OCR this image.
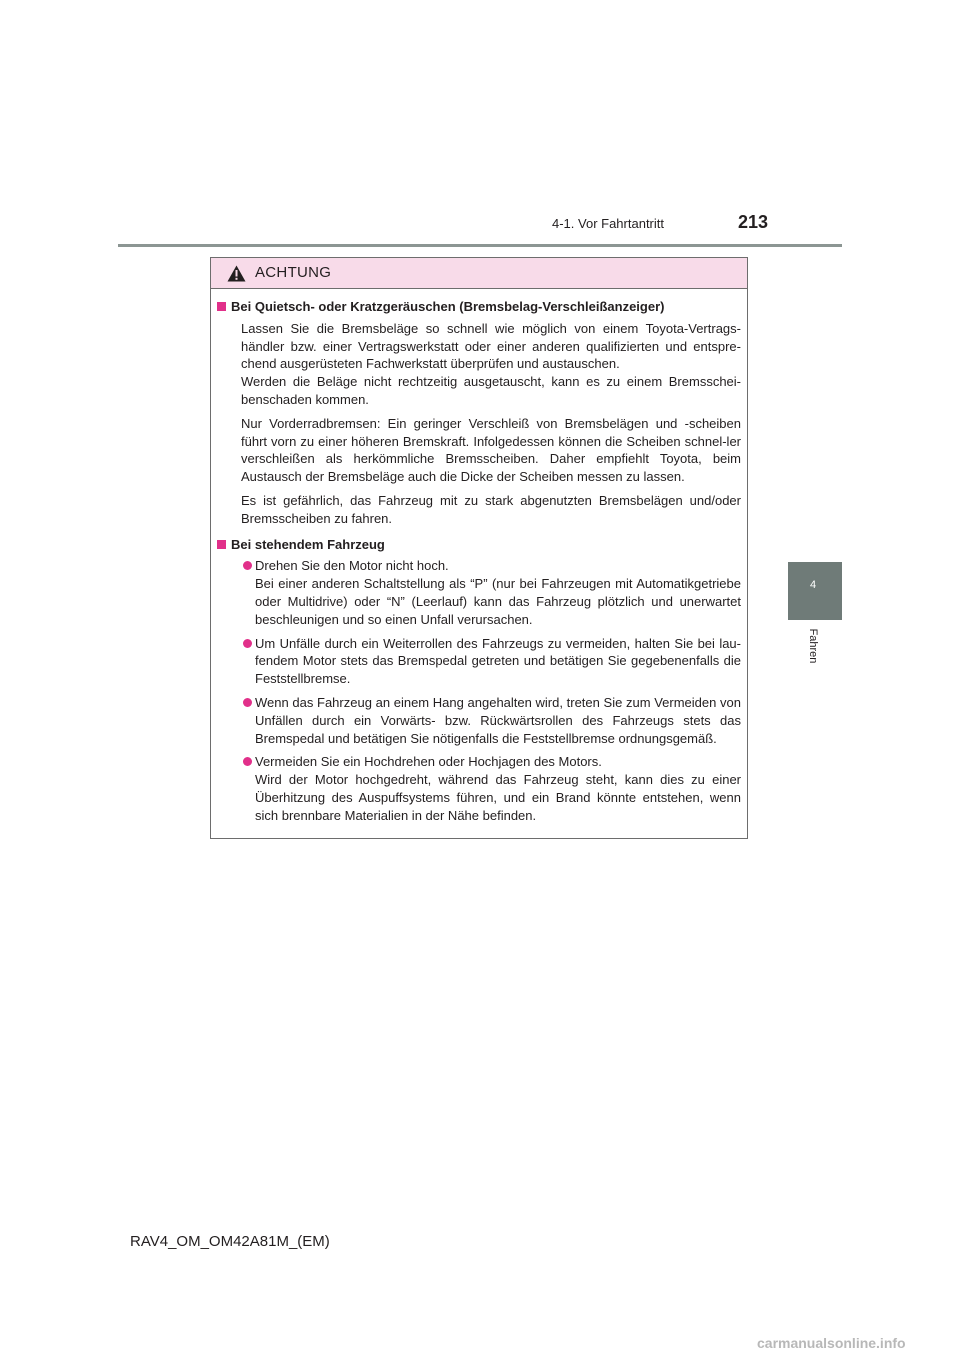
4-1. Vor Fahrtantritt	213
4
Fahren
ACHTUNG
Bei Quietsch- oder Kratzgeräuschen (Bremsbelag-Verschleißanzeiger)

Lassen Sie die Bremsbeläge so schnell wie möglich von einem Toyota-Vertrags-händler bzw. einer Vertragswerkstatt oder einer anderen qualifizierten und entspre-chend ausgerüsteten Fachwerkstatt überprüfen und austauschen.
Werden die Beläge nicht rechtzeitig ausgetauscht, kann es zu einem Bremsschei-benschaden kommen.

Nur Vorderradbremsen: Ein geringer Verschleiß von Bremsbelägen und -scheiben führt vorn zu einer höheren Bremskraft. Infolgedessen können die Scheiben schnel-ler verschleißen als herkömmliche Bremsscheiben. Daher empfiehlt Toyota, beim Austausch der Bremsbeläge auch die Dicke der Scheiben messen zu lassen.

Es ist gefährlich, das Fahrzeug mit zu stark abgenutzten Bremsbelägen und/oder Bremsscheiben zu fahren.

Bei stehendem Fahrzeug

Drehen Sie den Motor nicht hoch.
Bei einer anderen Schaltstellung als “P” (nur bei Fahrzeugen mit Automatikgetriebe oder Multidrive) oder “N” (Leerlauf) kann das Fahrzeug plötzlich und unerwartet beschleunigen und so einen Unfall verursachen.

Um Unfälle durch ein Weiterrollen des Fahrzeugs zu vermeiden, halten Sie bei lau-fendem Motor stets das Bremspedal getreten und betätigen Sie gegebenenfalls die Feststellbremse.

Wenn das Fahrzeug an einem Hang angehalten wird, treten Sie zum Vermeiden von Unfällen durch ein Vorwärts- bzw. Rückwärtsrollen des Fahrzeugs stets das Bremspedal und betätigen Sie nötigenfalls die Feststellbremse ordnungsgemäß.

Vermeiden Sie ein Hochdrehen oder Hochjagen des Motors.
Wird der Motor hochgedreht, während das Fahrzeug steht, kann dies zu einer Überhitzung des Auspuffsystems führen, und ein Brand könnte entstehen, wenn sich brennbare Materialien in der Nähe befinden.

RAV4_OM_OM42A81M_(EM)
carmanualsonline.info
